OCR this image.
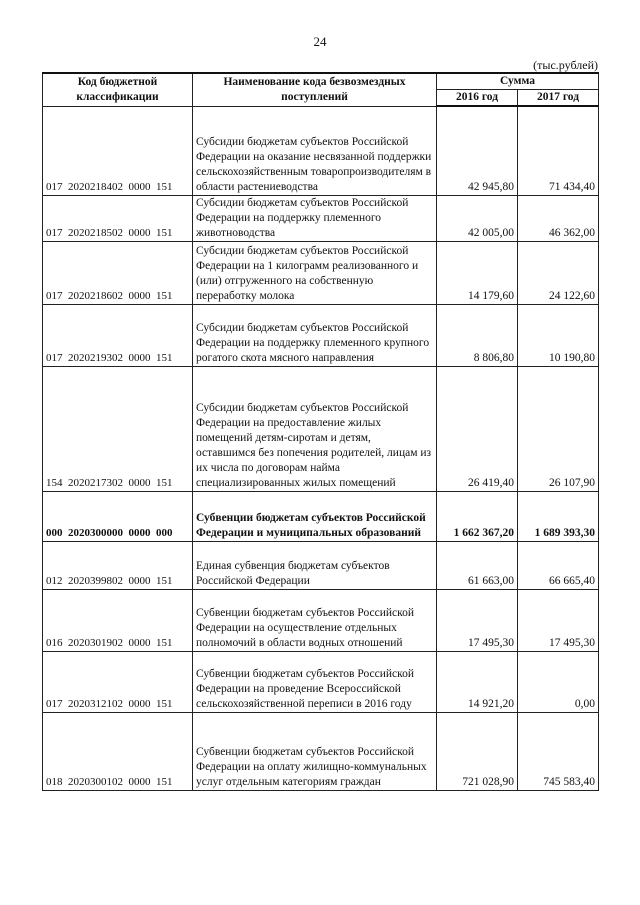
24
(тыс.рублей)
Код бюджетной классификации	Наименование кода безвозмездных поступлений	Сумма	
		2016 год	2017 год
017  2020218402  0000  151	Субсидии бюджетам субъектов Российской Федерации на оказание несвязанной поддержки сельскохозяйственным товаропроизводителям в области растениеводства	42 945,80	71 434,40
017  2020218502  0000  151	Субсидии бюджетам субъектов Российской Федерации на поддержку племенного животноводства	42 005,00	46 362,00
017  2020218602  0000  151	Субсидии бюджетам субъектов Российской Федерации на 1 килограмм реализованного и (или) отгруженного на собственную переработку молока	14 179,60	24 122,60
017  2020219302  0000  151	Субсидии бюджетам субъектов Российской Федерации на поддержку племенного крупного рогатого скота мясного направления	8 806,80	10 190,80
154  2020217302  0000  151	Субсидии бюджетам субъектов Российской Федерации на предоставление жилых помещений детям-сиротам и детям, оставшимся без попечения родителей, лицам из их числа по договорам найма специализированных жилых помещений	26 419,40	26 107,90
000  2020300000  0000  000	Субвенции бюджетам субъектов Российской Федерации и муниципальных образований	1 662 367,20	1 689 393,30
012  2020399802  0000  151	Единая субвенция бюджетам субъектов Российской Федерации	61 663,00	66 665,40
016  2020301902  0000  151	Субвенции бюджетам субъектов Российской Федерации на осуществление отдельных полномочий в области водных отношений	17 495,30	17 495,30
017  2020312102  0000  151	Субвенции бюджетам субъектов Российской Федерации на проведение Всероссийской сельскохозяйственной переписи в 2016 году	14 921,20	0,00
018  2020300102  0000  151	Субвенции бюджетам субъектов Российской Федерации на оплату жилищно-коммунальных услуг отдельным категориям граждан	721 028,90	745 583,40
